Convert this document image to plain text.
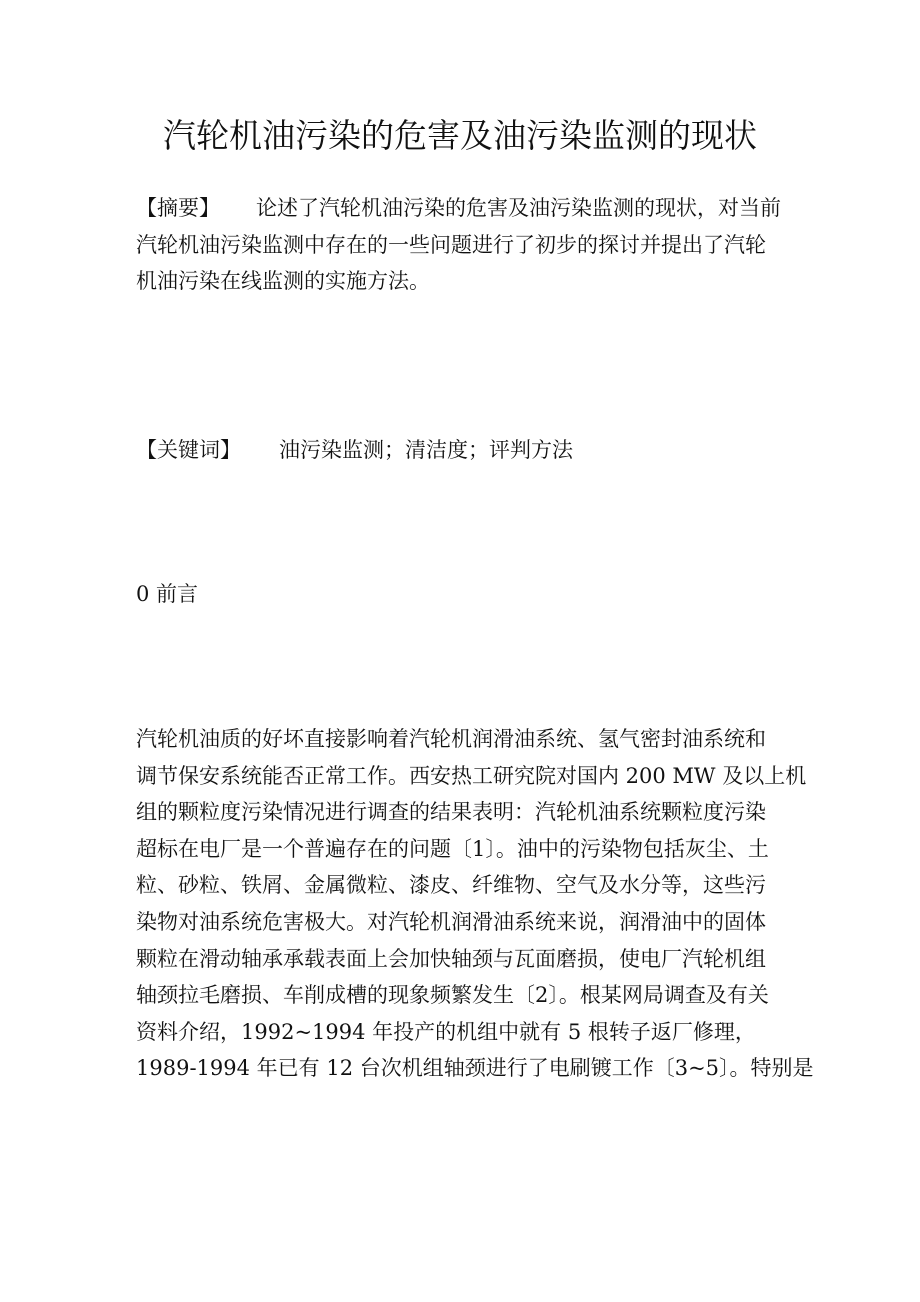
汽轮机油污染的危害及油污染监测的现状
【摘要】 论述了汽轮机油污染的危害及油污染监测的现状，对当前
汽轮机油污染监测中存在的一些问题进行了初步的探讨并提出了汽轮
机油污染在线监测的实施方法。
【关键词】 油污染监测；清洁度；评判方法
0 前言
汽轮机油质的好坏直接影响着汽轮机润滑油系统、氢气密封油系统和
调节保安系统能否正常工作。西安热工研究院对国内 200 MW 及以上机
组的颗粒度污染情况进行调查的结果表明：汽轮机油系统颗粒度污染
超标在电厂是一个普遍存在的问题〔1〕。油中的污染物包括灰尘、土
粒、砂粒、铁屑、金属微粒、漆皮、纤维物、空气及水分等，这些污
染物对油系统危害极大。对汽轮机润滑油系统来说，润滑油中的固体
颗粒在滑动轴承承载表面上会加快轴颈与瓦面磨损，使电厂汽轮机组
轴颈拉毛磨损、车削成槽的现象频繁发生〔2〕。根某网局调查及有关
资料介绍，1992~1994 年投产的机组中就有 5 根转子返厂修理，
1989-1994 年已有 12 台次机组轴颈进行了电刷镀工作〔3~5〕。特别是
